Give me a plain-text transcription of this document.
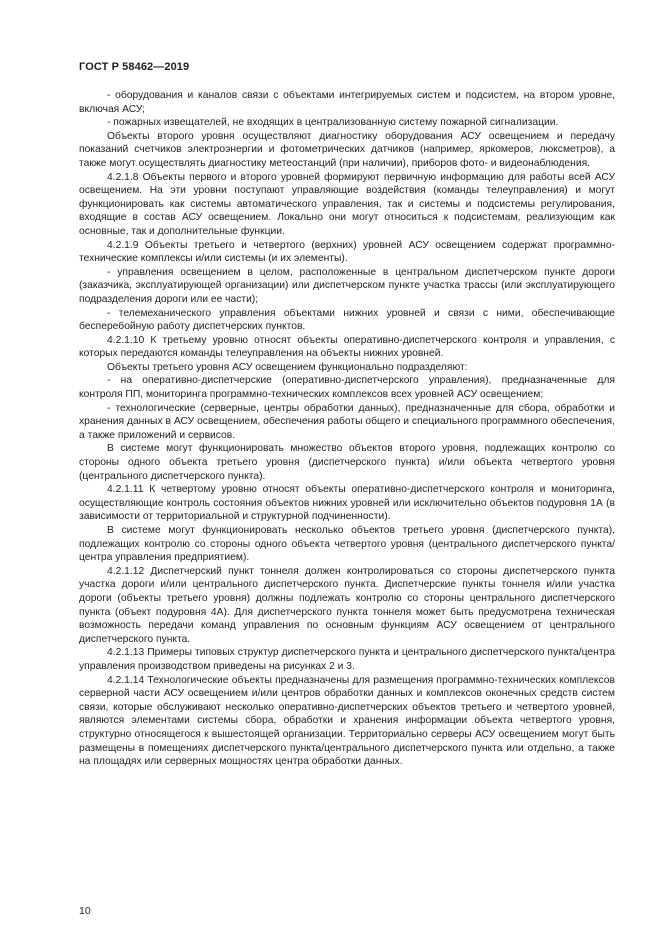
ГОСТ Р 58462—2019

- оборудования и каналов связи с объектами интегрируемых систем и подсистем, на втором уровне, включая АСУ;

- пожарных извещателей, не входящих в централизованную систему пожарной сигнализации.

Объекты второго уровня осуществляют диагностику оборудования АСУ освещением и передачу показаний счетчиков электроэнергии и фотометрических датчиков (например, яркомеров, люксметров), а также могут осуществлять диагностику метеостанций (при наличии), приборов фото- и видеонаблюдения.

4.2.1.8 Объекты первого и второго уровней формируют первичную информацию для работы всей АСУ освещением. На эти уровни поступают управляющие воздействия (команды телеуправления) и могут функционировать как системы автоматического управления, так и системы и подсистемы регулирования, входящие в состав АСУ освещением. Локально они могут относиться к подсистемам, реализующим как основные, так и дополнительные функции.

4.2.1.9 Объекты третьего и четвертого (верхних) уровней АСУ освещением содержат программно-технические комплексы и/или системы (и их элементы).

- управления освещением в целом, расположенные в центральном диспетчерском пункте дороги (заказчика, эксплуатирующей организации) или диспетчерском пункте участка трассы (или эксплуатирующего подразделения дороги или ее части);

- телемеханического управления объектами нижних уровней и связи с ними, обеспечивающие бесперебойную работу диспетчерских пунктов.

4.2.1.10 К третьему уровню относят объекты оперативно-диспетчерского контроля и управления, с которых передаются команды телеуправления на объекты нижних уровней.

Объекты третьего уровня АСУ освещением функционально подразделяют:

- на оперативно-диспетчерские (оперативно-диспетчерского управления), предназначенные для контроля ПП, мониторинга программно-технических комплексов всех уровней АСУ освещением;

- технологические (серверные, центры обработки данных), предназначенные для сбора, обработки и хранения данных в АСУ освещением, обеспечения работы общего и специального программного обеспечения, а также приложений и сервисов.

В системе могут функционировать множество объектов второго уровня, подлежащих контролю со стороны одного объекта третьего уровня (диспетчерского пункта) и/или объекта четвертого уровня (центрального диспетчерского пункта).

4.2.1.11 К четвертому уровню относят объекты оперативно-диспетчерского контроля и мониторинга, осуществляющие контроль состояния объектов нижних уровней или исключительно объектов подуровня 1А (в зависимости от территориальной и структурной подчиненности).

В системе могут функционировать несколько объектов третьего уровня (диспетчерского пункта), подлежащих контролю со стороны одного объекта четвертого уровня (центрального диспетчерского пункта/центра управления предприятием).

4.2.1.12 Диспетчерский пункт тоннеля должен контролироваться со стороны диспетчерского пункта участка дороги и/или центрального диспетчерского пункта. Диспетчерские пункты тоннеля и/или участка дороги (объекты третьего уровня) должны подлежать контролю со стороны центрального диспетчерского пункта (объект подуровня 4А). Для диспетчерского пункта тоннеля может быть предусмотрена техническая возможность передачи команд управления по основным функциям АСУ освещением от центрального диспетчерского пункта.

4.2.1.13 Примеры типовых структур диспетчерского пункта и центрального диспетчерского пункта/центра управления производством приведены на рисунках 2 и 3.

4.2.1.14 Технологические объекты предназначены для размещения программно-технических комплексов серверной части АСУ освещением и/или центров обработки данных и комплексов оконечных средств систем связи, которые обслуживают несколько оперативно-диспетчерских объектов третьего и четвертого уровней, являются элементами системы сбора, обработки и хранения информации объекта четвертого уровня, структурно относящегося к вышестоящей организации. Территориально серверы АСУ освещением могут быть размещены в помещениях диспетчерского пункта/центрального диспетчерского пункта или отдельно, а также на площадях или серверных мощностях центра обработки данных.

10
